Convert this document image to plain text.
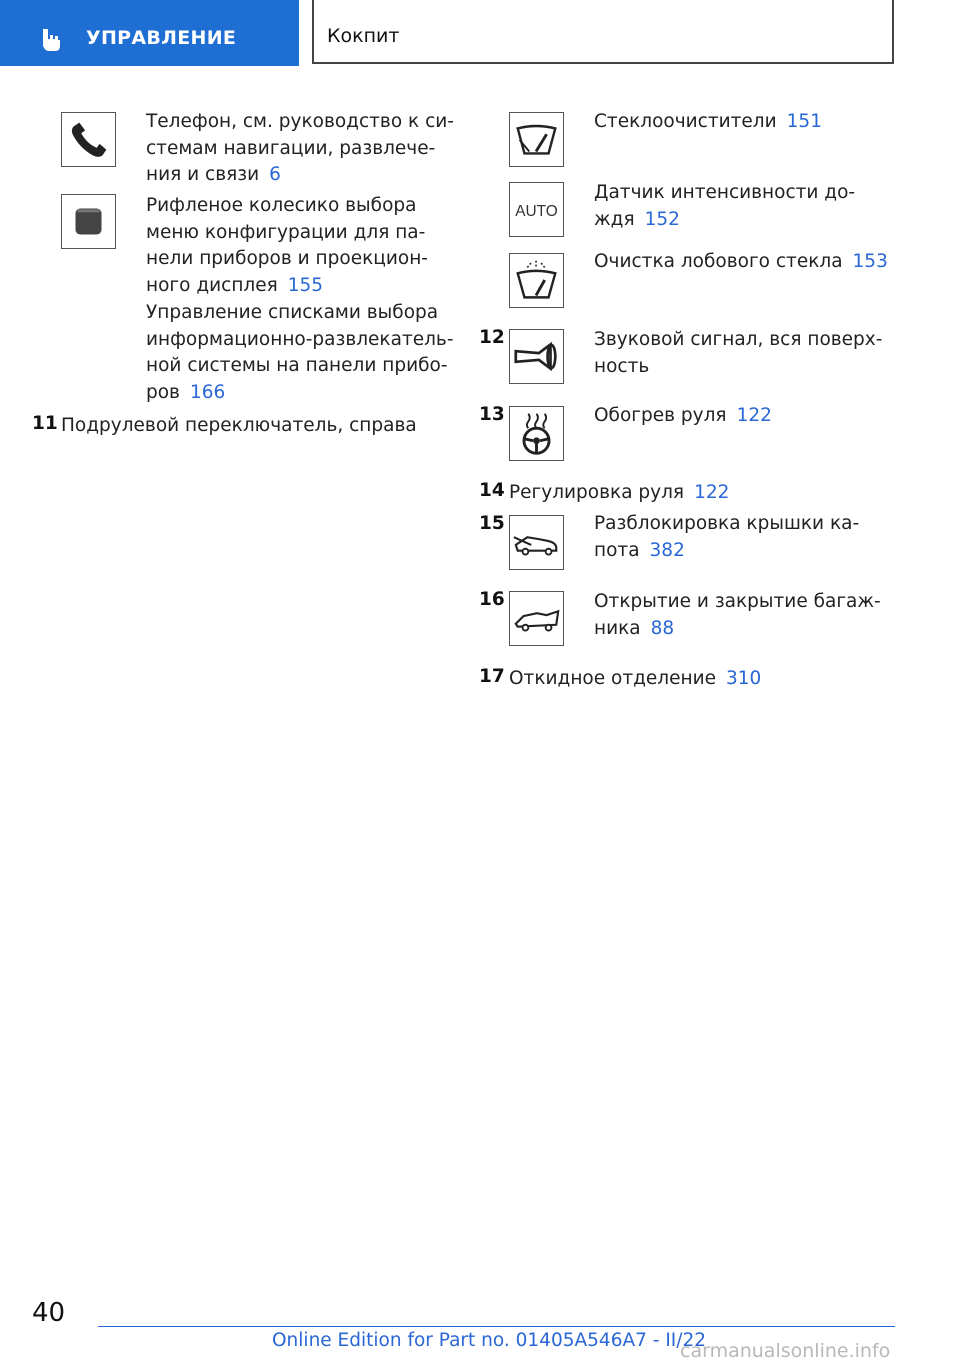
УПРАВЛЕНИЕ	Кокпит
Телефон, см. руководство к си-
стемам навигации, развлече-
ния и связи 6
Рифленое колесико выбора
меню конфигурации для па-
нели приборов и проекцион-
ного дисплея 155
Управление списками выбора
информационно-развлекатель-
ной системы на панели прибо-
ров 166
11 Подрулевой переключатель, справа
Стеклоочистители 151
AUTO
Датчик интенсивности до-
ждя 152
Очистка лобового стекла 153
12	Звуковой сигнал, вся поверх-
ность
13	Обогрев руля 122
14 Регулировка руля 122
15	Разблокировка крышки ка-
пота 382
16	Открытие и закрытие багаж-
ника 88
17 Откидное отделение 310
40
Online Edition for Part no. 01405A546A7 - II/22
carmanualsonline.info
